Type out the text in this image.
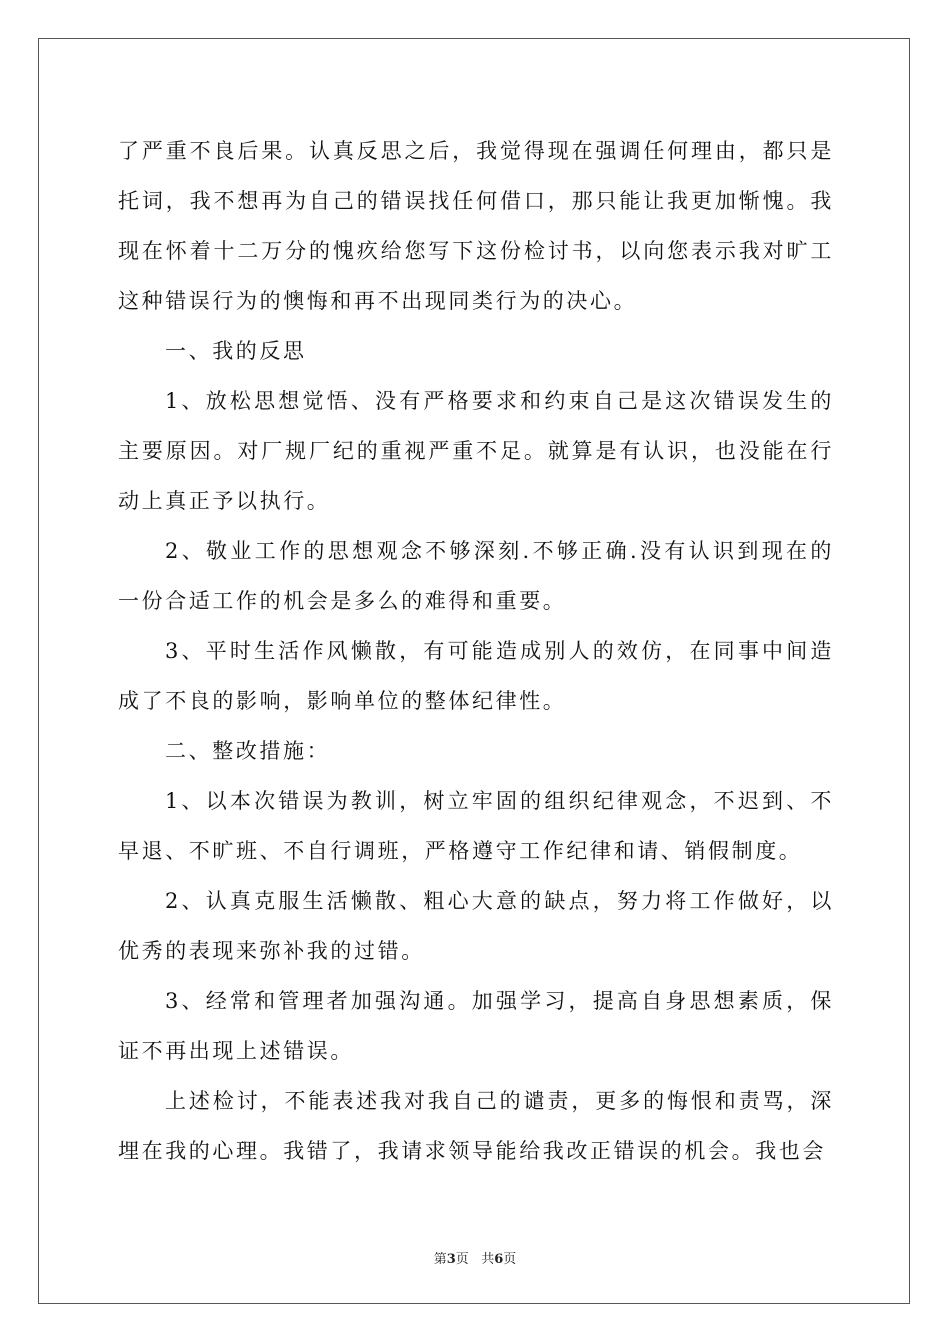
了严重不良后果。认真反思之后，我觉得现在强调任何理由，都只是托词，我不想再为自己的错误找任何借口，那只能让我更加惭愧。我现在怀着十二万分的愧疚给您写下这份检讨书，以向您表示我对旷工这种错误行为的懊悔和再不出现同类行为的决心。

一、我的反思

1、放松思想觉悟、没有严格要求和约束自己是这次错误发生的主要原因。对厂规厂纪的重视严重不足。就算是有认识，也没能在行动上真正予以执行。

2、敬业工作的思想观念不够深刻.不够正确.没有认识到现在的一份合适工作的机会是多么的难得和重要。

3、平时生活作风懒散，有可能造成别人的效仿，在同事中间造成了不良的影响，影响单位的整体纪律性。

二、整改措施：

1、以本次错误为教训，树立牢固的组织纪律观念，不迟到、不早退、不旷班、不自行调班，严格遵守工作纪律和请、销假制度。

2、认真克服生活懒散、粗心大意的缺点，努力将工作做好，以优秀的表现来弥补我的过错。

3、经常和管理者加强沟通。加强学习，提高自身思想素质，保证不再出现上述错误。

上述检讨，不能表述我对我自己的谴责，更多的悔恨和责骂，深埋在我的心理。我错了，我请求领导能给我改正错误的机会。我也会

第3页 共6页
